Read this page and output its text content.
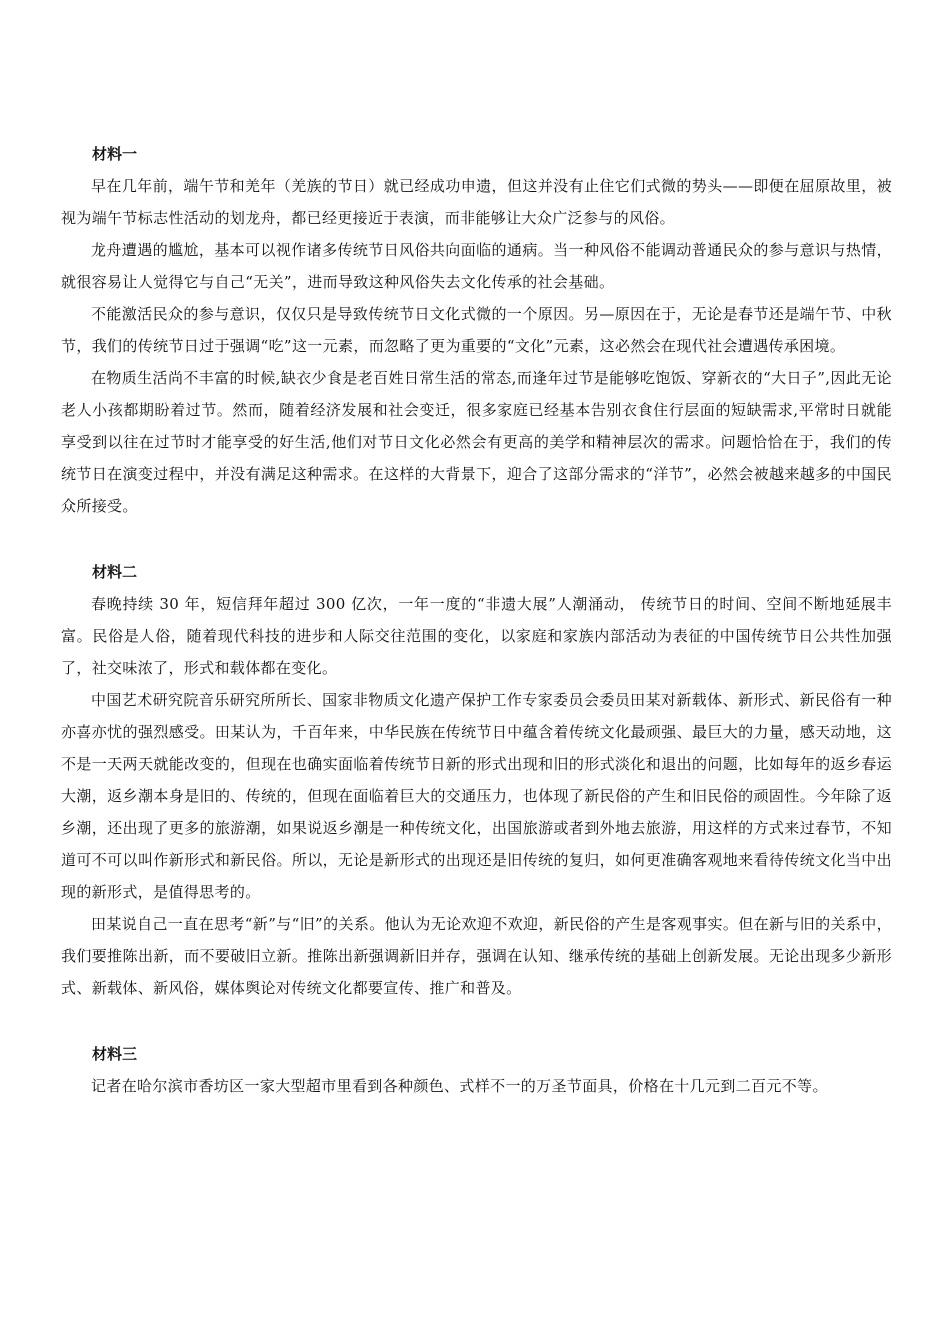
材料一

早在几年前，端午节和羌年（羌族的节日）就已经成功申遗，但这并没有止住它们式微的势头——即便在屈原故里，被视为端午节标志性活动的划龙舟，都已经更接近于表演，而非能够让大众广泛参与的风俗。

龙舟遭遇的尴尬，基本可以视作诸多传统节日风俗共向面临的通病。当一种风俗不能调动普通民众的参与意识与热情，就很容易让人觉得它与自己“无关”，进而导致这种风俗失去文化传承的社会基础。

不能激活民众的参与意识，仅仅只是导致传统节日文化式微的一个原因。另—原因在于，无论是春节还是端午节、中秋节，我们的传统节日过于强调“吃”这一元素，而忽略了更为重要的“文化”元素，这必然会在现代社会遭遇传承困境。

在物质生活尚不丰富的时候,缺衣少食是老百姓日常生活的常态,而逢年过节是能够吃饱饭、穿新衣的“大日子”,因此无论老人小孩都期盼着过节。然而，随着经济发展和社会变迁，很多家庭已经基本告别衣食住行层面的短缺需求,平常时日就能享受到以往在过节时才能享受的好生活,他们对节日文化必然会有更高的美学和精神层次的需求。问题恰恰在于，我们的传统节日在演变过程中，并没有满足这种需求。在这样的大背景下，迎合了这部分需求的“洋节”，必然会被越来越多的中国民众所接受。

材料二

春晚持续 30 年，短信拜年超过 300 亿次，一年一度的“非遗大展”人潮涌动， 传统节日的时间、空间不断地延展丰富。民俗是人俗，随着现代科技的进步和人际交往范围的变化，以家庭和家族内部活动为表征的中国传统节日公共性加强了，社交味浓了，形式和载体都在变化。

中国艺术研究院音乐研究所所长、国家非物质文化遗产保护工作专家委员会委员田某对新载体、新形式、新民俗有一种亦喜亦忧的强烈感受。田某认为，千百年来，中华民族在传统节日中蕴含着传统文化最顽强、最巨大的力量，感天动地，这不是一天两天就能改变的，但现在也确实面临着传统节日新的形式出现和旧的形式淡化和退出的问题，比如每年的返乡春运大潮，返乡潮本身是旧的、传统的，但现在面临着巨大的交通压力，也体现了新民俗的产生和旧民俗的顽固性。今年除了返乡潮，还出现了更多的旅游潮，如果说返乡潮是一种传统文化，出国旅游或者到外地去旅游，用这样的方式来过春节，不知道可不可以叫作新形式和新民俗。所以，无论是新形式的出现还是旧传统的复归，如何更准确客观地来看待传统文化当中出现的新形式，是值得思考的。

田某说自己一直在思考“新”与“旧”的关系。他认为无论欢迎不欢迎，新民俗的产生是客观事实。但在新与旧的关系中，我们要推陈出新，而不要破旧立新。推陈出新强调新旧并存，强调在认知、继承传统的基础上创新发展。无论出现多少新形式、新载体、新风俗，媒体舆论对传统文化都要宣传、推广和普及。

材料三

记者在哈尔滨市香坊区一家大型超市里看到各种颜色、式样不一的万圣节面具，价格在十几元到二百元不等。
